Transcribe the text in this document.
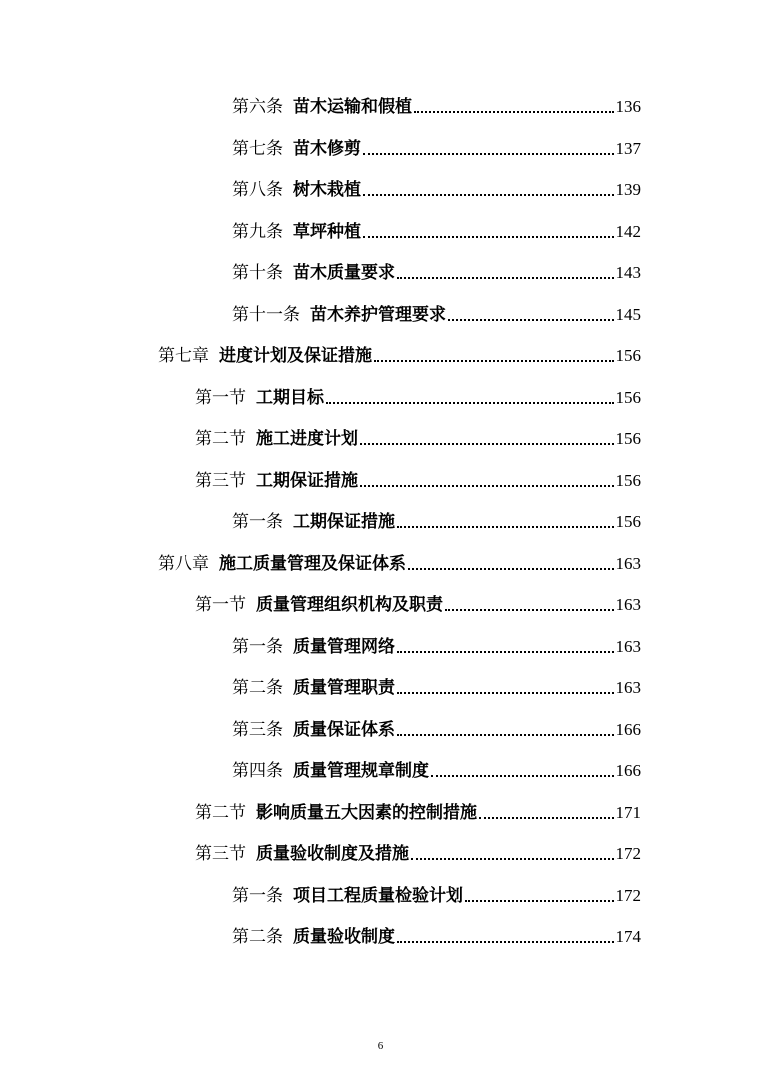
第六条 苗木运输和假植	136
第七条 苗木修剪	137
第八条 树木栽植	139
第九条 草坪种植	142
第十条 苗木质量要求	143
第十一条 苗木养护管理要求	145
第七章 进度计划及保证措施	156
第一节 工期目标	156
第二节 施工进度计划	156
第三节 工期保证措施	156
第一条 工期保证措施	156
第八章 施工质量管理及保证体系	163
第一节 质量管理组织机构及职责	163
第一条 质量管理网络	163
第二条 质量管理职责	163
第三条 质量保证体系	166
第四条 质量管理规章制度	166
第二节 影响质量五大因素的控制措施	171
第三节 质量验收制度及措施	172
第一条 项目工程质量检验计划	172
第二条 质量验收制度	174
6
